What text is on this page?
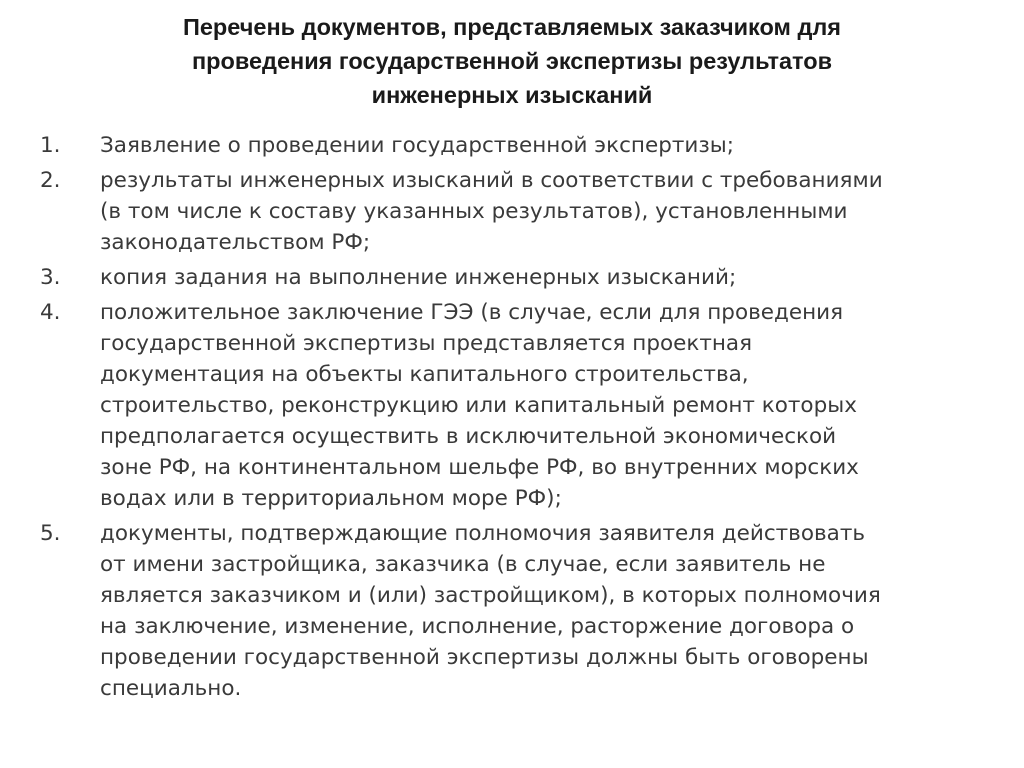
Перечень документов, представляемых заказчиком для
проведения государственной экспертизы результатов
инженерных изысканий
1.	Заявление о проведении государственной экспертизы;
2.	результаты инженерных изысканий в соответствии с требованиями
(в том числе к составу указанных результатов), установленными
законодательством РФ;
3.	копия задания на выполнение инженерных изысканий;
4.	положительное заключение ГЭЭ (в случае, если для проведения
государственной экспертизы представляется проектная
документация на объекты капитального строительства,
строительство, реконструкцию или капитальный ремонт которых
предполагается осуществить в исключительной экономической
зоне РФ, на континентальном шельфе РФ, во внутренних морских
водах или в территориальном море РФ);
5.	документы, подтверждающие полномочия заявителя действовать
от имени застройщика, заказчика (в случае, если заявитель не
является заказчиком и (или) застройщиком), в которых полномочия
на заключение, изменение, исполнение, расторжение договора о
проведении государственной экспертизы должны быть оговорены
специально.
